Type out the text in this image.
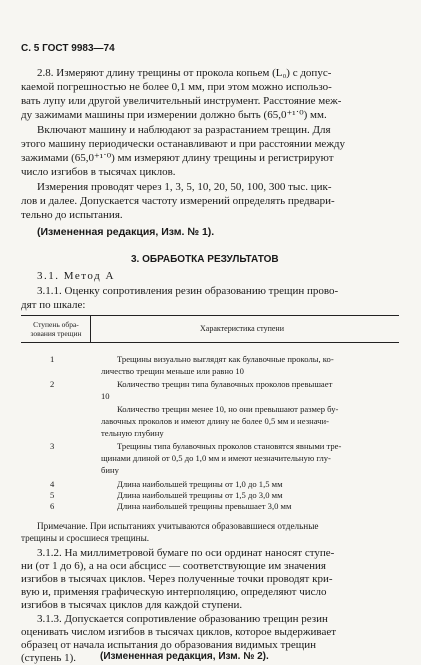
С. 5 ГОСТ 9983—74
2.8. Измеряют длину трещины от прокола копьем (L₀) с допус-
каемой погрешностью не более 0,1 мм, при этом можно использо-
вать лупу или другой увеличительный инструмент. Расстояние меж-
ду зажимами машины при измерении должно быть (65,0⁺¹˙⁰) мм.
Включают машину и наблюдают за разрастанием трещин. Для
этого машину периодически останавливают и при расстоянии между
зажимами (65,0⁺¹˙⁰) мм измеряют длину трещины и регистрируют
число изгибов в тысячах циклов.
Измерения проводят через 1, 3, 5, 10, 20, 50, 100, 300 тыс. цик-
лов и далее. Допускается частоту измерений определять предвари-
тельно до испытания.
(Измененная редакция, Изм. № 1).
3. ОБРАБОТКА РЕЗУЛЬТАТОВ
3.1. Метод А
3.1.1. Оценку сопротивления резин образованию трещин прово-
дят по шкале:
Ступень обра-
зования трещин
Характеристика ступени
1	Трещины визуально выглядят как булавочные проколы, ко-
личество трещин меньше или равно 10
2	Количество трещин типа булавочных проколов превышает
10
Количество трещин менее 10, но они превышают размер бу-
лавочных проколов и имеют длину не более 0,5 мм и незначи-
тельную глубину
3	Трещины типа булавочных проколов становятся явными тре-
щинами длиной от 0,5 до 1,0 мм и имеют незначительную глу-
бину
4	Длина наибольшей трещины от 1,0 до 1,5 мм
5	Длина наибольшей трещины от 1,5 до 3,0 мм
6	Длина наибольшей трещины превышает 3,0 мм
Примечание. При испытаниях учитываются образовавшиеся отдельные
трещины и сросшиеся трещины.
3.1.2. На миллиметровой бумаге по оси ординат наносят ступе-
ни (от 1 до 6), а на оси абсцисс — соответствующие им значения
изгибов в тысячах циклов. Через полученные точки проводят кри-
вую и, применяя графическую интерполяцию, определяют число
изгибов в тысячах циклов для каждой ступени.
3.1.3. Допускается сопротивление образованию трещин резин
оценивать числом изгибов в тысячах циклов, которое выдерживает
образец от начала испытания до образования видимых трещин
(ступень 1). (Измененная редакция, Изм. № 2).
